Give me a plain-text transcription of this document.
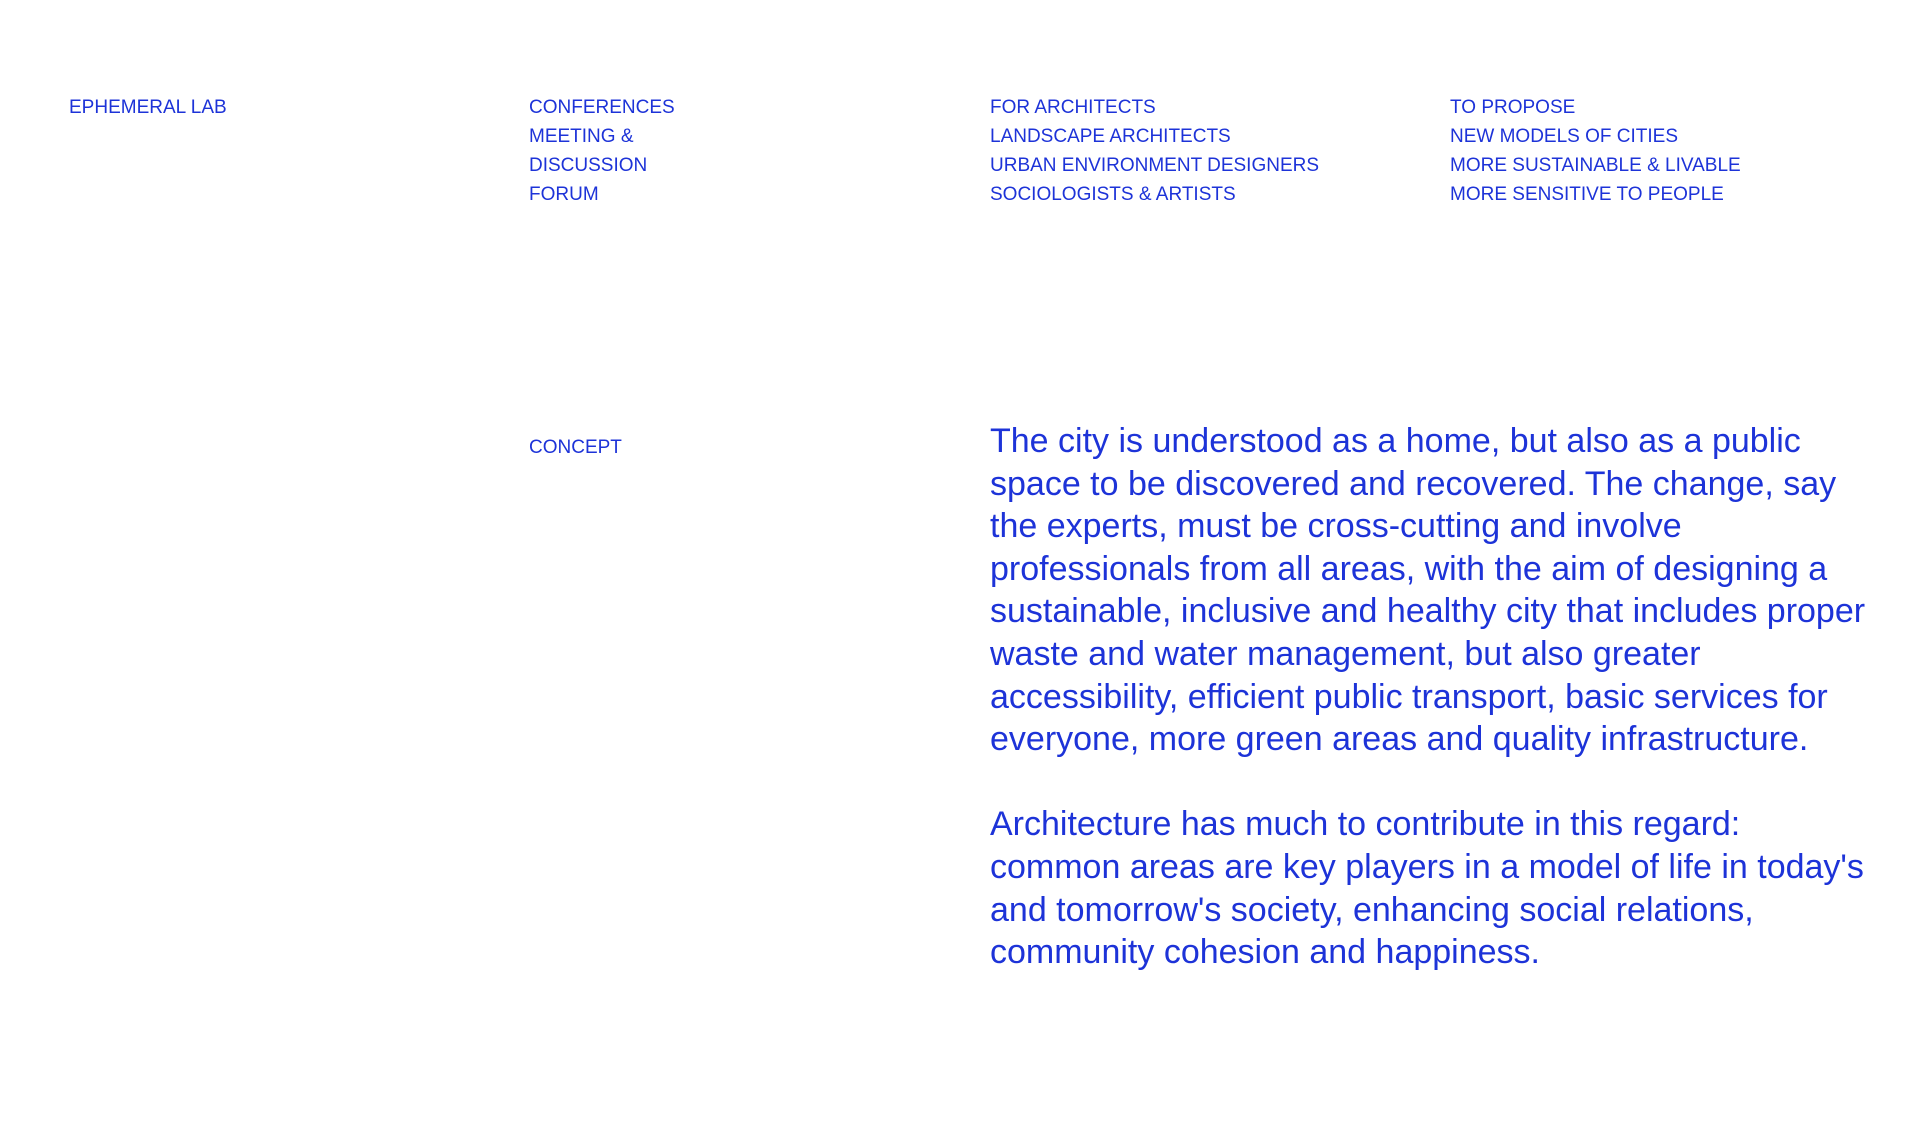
EPHEMERAL LAB	CONFERENCES
MEETING &
DISCUSSION
FORUM
FOR ARCHITECTS
LANDSCAPE ARCHITECTS
URBAN ENVIRONMENT DESIGNERS
SOCIOLOGISTS & ARTISTS
TO PROPOSE
NEW MODELS OF CITIES
MORE SUSTAINABLE & LIVABLE
MORE SENSITIVE TO PEOPLE
CONCEPT	The city is understood as a home, but also as a public space to be discovered and recovered. The change, say the experts, must be cross-cutting and involve professionals from all areas, with the aim of designing a sustainable, inclusive and healthy city that includes proper waste and water management, but also greater accessibility, efficient public transport, basic services for everyone, more green areas and quality infrastructure.

Architecture has much to contribute in this regard: common areas are key players in a model of life in today's and tomorrow's society, enhancing social relations, community cohesion and happiness.
